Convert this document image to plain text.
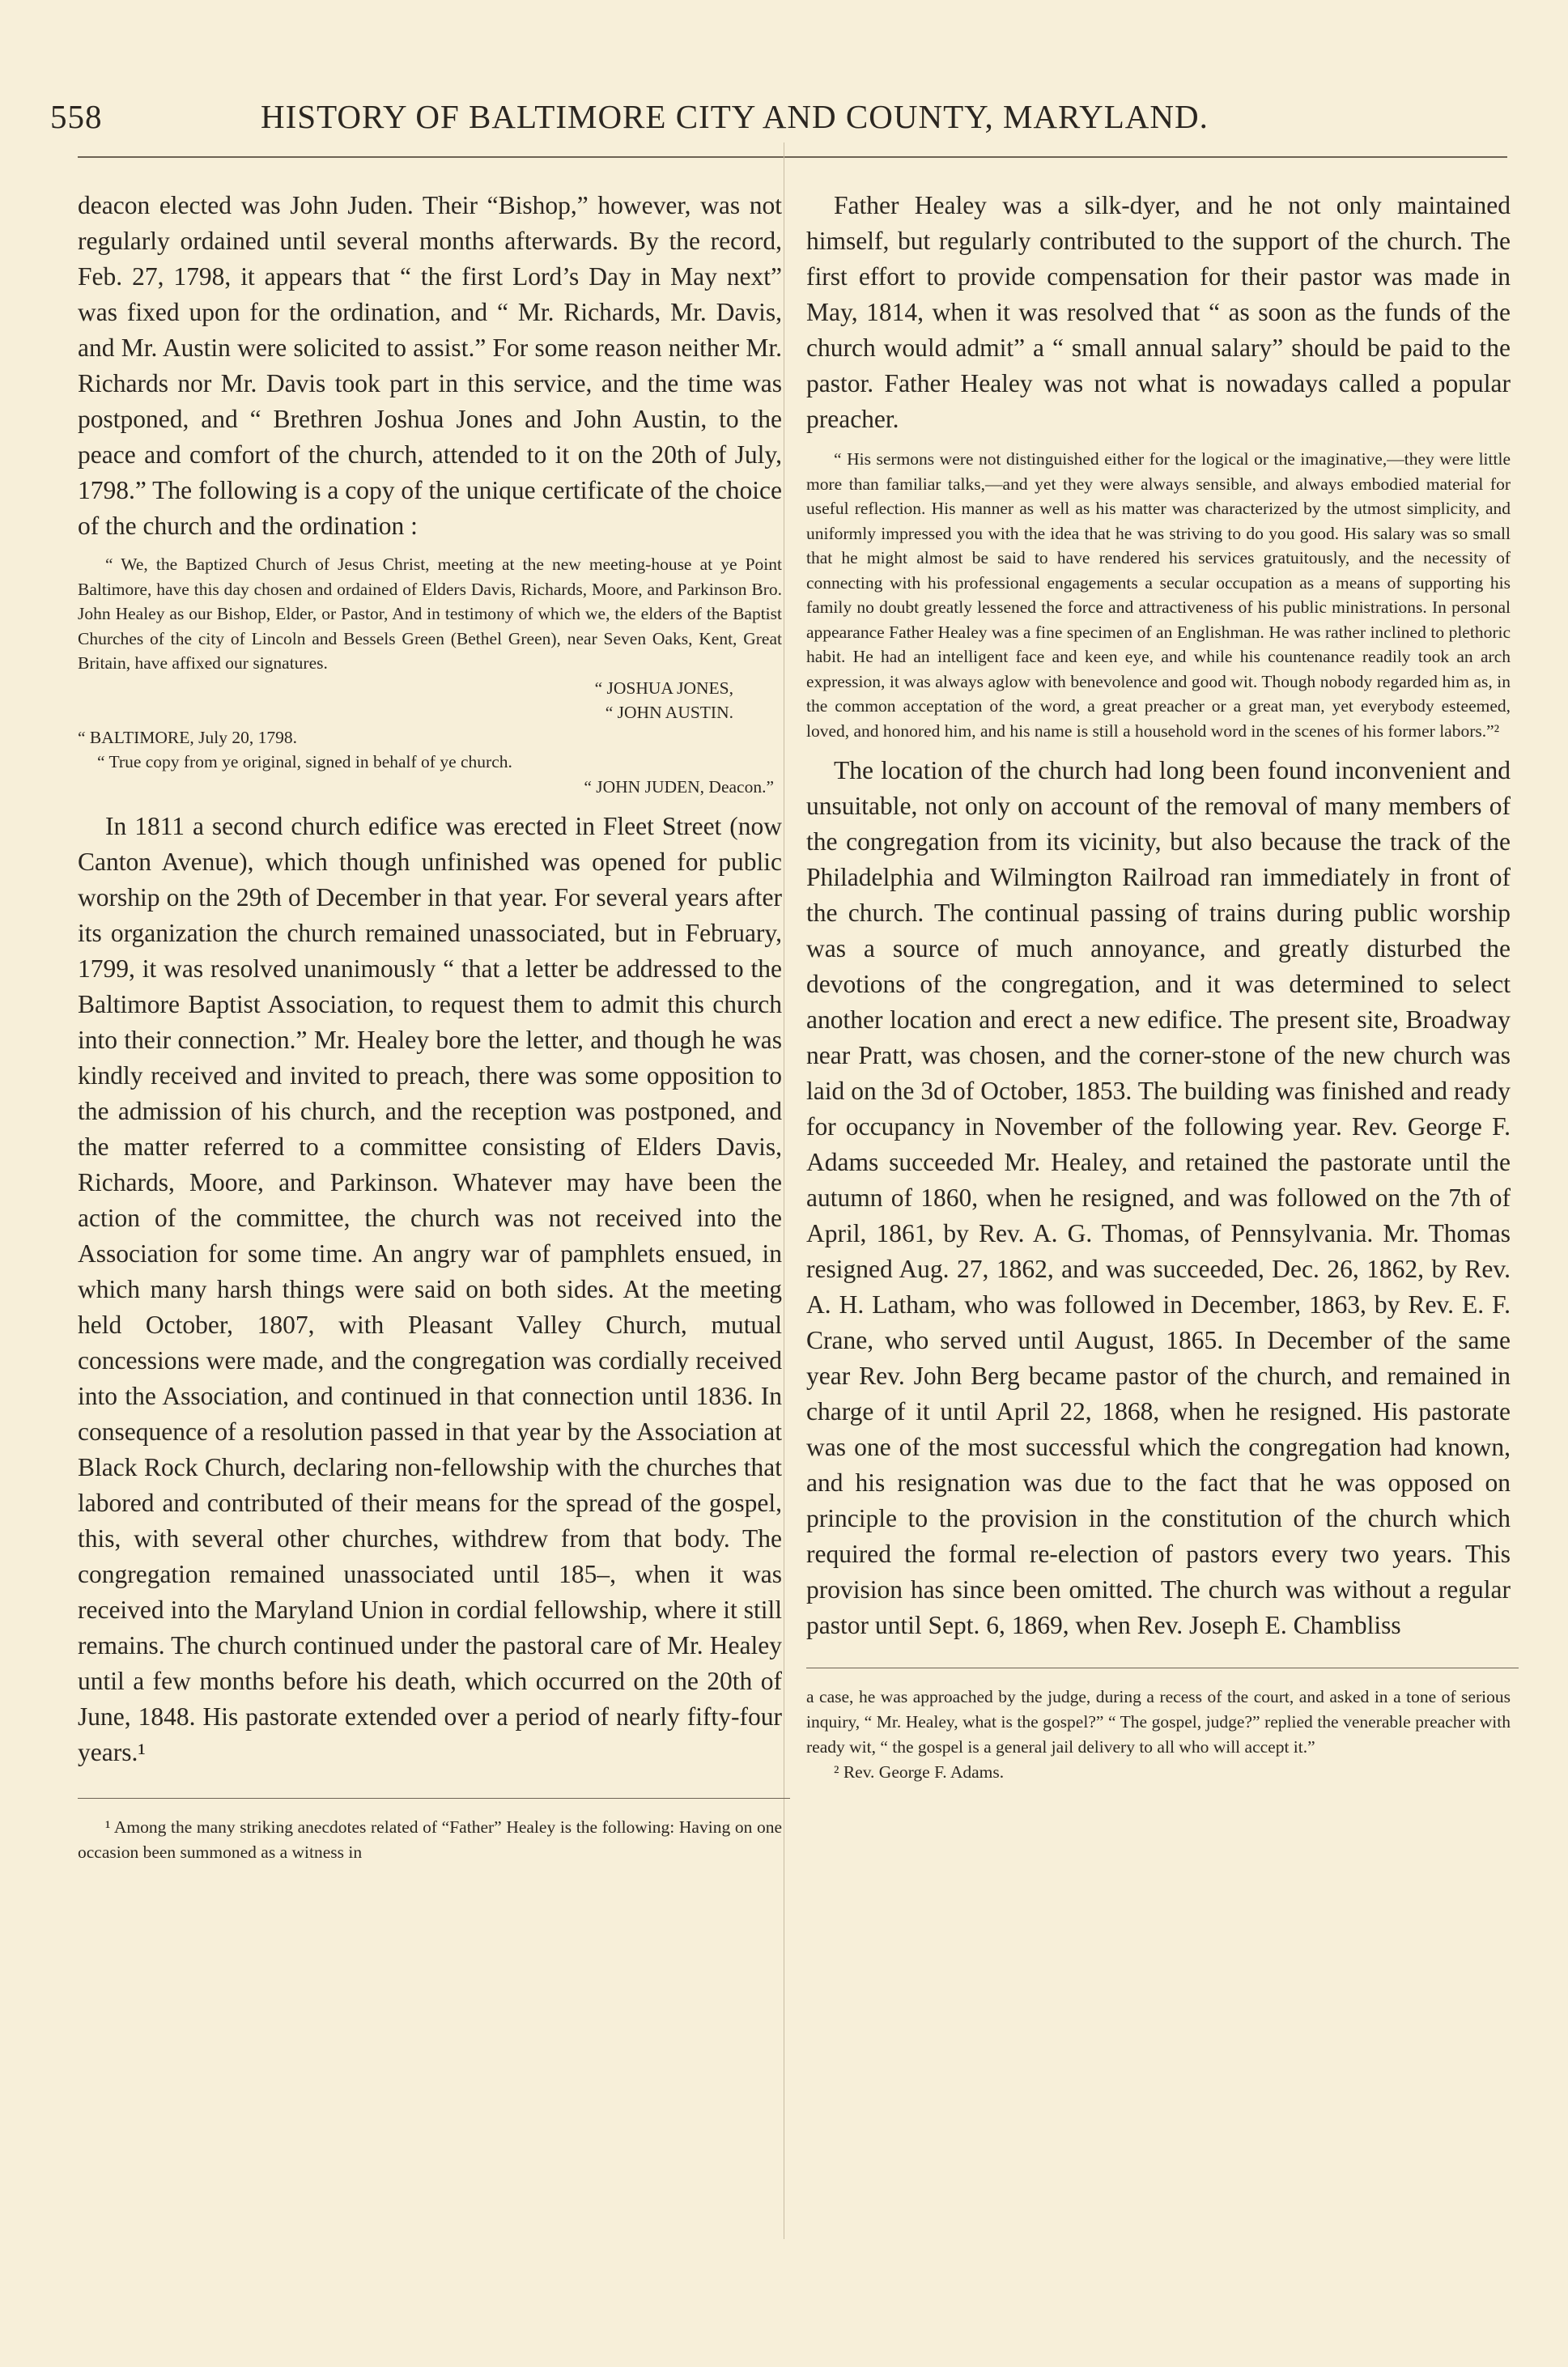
558	HISTORY OF BALTIMORE CITY AND COUNTY, MARYLAND.

deacon elected was John Juden. Their “Bishop,” however, was not regularly ordained until several months afterwards. By the record, Feb. 27, 1798, it appears that “ the first Lord’s Day in May next” was fixed upon for the ordination, and “ Mr. Richards, Mr. Davis, and Mr. Austin were solicited to assist.” For some reason neither Mr. Richards nor Mr. Davis took part in this service, and the time was postponed, and “ Brethren Joshua Jones and John Austin, to the peace and comfort of the church, attended to it on the 20th of July, 1798.” The following is a copy of the unique certificate of the choice of the church and the ordination :

“ We, the Baptized Church of Jesus Christ, meeting at the new meeting-house at ye Point Baltimore, have this day chosen and ordained of Elders Davis, Richards, Moore, and Parkinson Bro. John Healey as our Bishop, Elder, or Pastor, And in testimony of which we, the elders of the Baptist Churches of the city of Lincoln and Bessels Green (Bethel Green), near Seven Oaks, Kent, Great Britain, have affixed our signatures.

“ JOSHUA JONES,
“ JOHN AUSTIN.
“ BALTIMORE, July 20, 1798.
“ True copy from ye original, signed in behalf of ye church.
“ JOHN JUDEN, Deacon.”

In 1811 a second church edifice was erected in Fleet Street (now Canton Avenue), which though unfinished was opened for public worship on the 29th of December in that year. For several years after its organization the church remained unassociated, but in February, 1799, it was resolved unanimously “ that a letter be addressed to the Baltimore Baptist Association, to request them to admit this church into their connection.” Mr. Healey bore the letter, and though he was kindly received and invited to preach, there was some opposition to the admission of his church, and the reception was postponed, and the matter referred to a committee consisting of Elders Davis, Richards, Moore, and Parkinson. Whatever may have been the action of the committee, the church was not received into the Association for some time. An angry war of pamphlets ensued, in which many harsh things were said on both sides. At the meeting held October, 1807, with Pleasant Valley Church, mutual concessions were made, and the congregation was cordially received into the Association, and continued in that connection until 1836. In consequence of a resolution passed in that year by the Association at Black Rock Church, declaring non-fellowship with the churches that labored and contributed of their means for the spread of the gospel, this, with several other churches, withdrew from that body. The congregation remained unassociated until 185–, when it was received into the Maryland Union in cordial fellowship, where it still remains. The church continued under the pastoral care of Mr. Healey until a few months before his death, which occurred on the 20th of June, 1848. His pastorate extended over a period of nearly fifty-four years.¹

¹ Among the many striking anecdotes related of “Father” Healey is the following: Having on one occasion been summoned as a witness in

Father Healey was a silk-dyer, and he not only maintained himself, but regularly contributed to the support of the church. The first effort to provide compensation for their pastor was made in May, 1814, when it was resolved that “ as soon as the funds of the church would admit” a “ small annual salary” should be paid to the pastor. Father Healey was not what is nowadays called a popular preacher.

“ His sermons were not distinguished either for the logical or the imaginative,—they were little more than familiar talks,—and yet they were always sensible, and always embodied material for useful reflection. His manner as well as his matter was characterized by the utmost simplicity, and uniformly impressed you with the idea that he was striving to do you good. His salary was so small that he might almost be said to have rendered his services gratuitously, and the necessity of connecting with his professional engagements a secular occupation as a means of supporting his family no doubt greatly lessened the force and attractiveness of his public ministrations. In personal appearance Father Healey was a fine specimen of an Englishman. He was rather inclined to plethoric habit. He had an intelligent face and keen eye, and while his countenance readily took an arch expression, it was always aglow with benevolence and good wit. Though nobody regarded him as, in the common acceptation of the word, a great preacher or a great man, yet everybody esteemed, loved, and honored him, and his name is still a household word in the scenes of his former labors.”²

The location of the church had long been found inconvenient and unsuitable, not only on account of the removal of many members of the congregation from its vicinity, but also because the track of the Philadelphia and Wilmington Railroad ran immediately in front of the church. The continual passing of trains during public worship was a source of much annoyance, and greatly disturbed the devotions of the congregation, and it was determined to select another location and erect a new edifice. The present site, Broadway near Pratt, was chosen, and the corner-stone of the new church was laid on the 3d of October, 1853. The building was finished and ready for occupancy in November of the following year. Rev. George F. Adams succeeded Mr. Healey, and retained the pastorate until the autumn of 1860, when he resigned, and was followed on the 7th of April, 1861, by Rev. A. G. Thomas, of Pennsylvania. Mr. Thomas resigned Aug. 27, 1862, and was succeeded, Dec. 26, 1862, by Rev. A. H. Latham, who was followed in December, 1863, by Rev. E. F. Crane, who served until August, 1865. In December of the same year Rev. John Berg became pastor of the church, and remained in charge of it until April 22, 1868, when he resigned. His pastorate was one of the most successful which the congregation had known, and his resignation was due to the fact that he was opposed on principle to the provision in the constitution of the church which required the formal re-election of pastors every two years. This provision has since been omitted. The church was without a regular pastor until Sept. 6, 1869, when Rev. Joseph E. Chambliss

a case, he was approached by the judge, during a recess of the court, and asked in a tone of serious inquiry, “ Mr. Healey, what is the gospel?” “ The gospel, judge?” replied the venerable preacher with ready wit, “ the gospel is a general jail delivery to all who will accept it.”

² Rev. George F. Adams.
